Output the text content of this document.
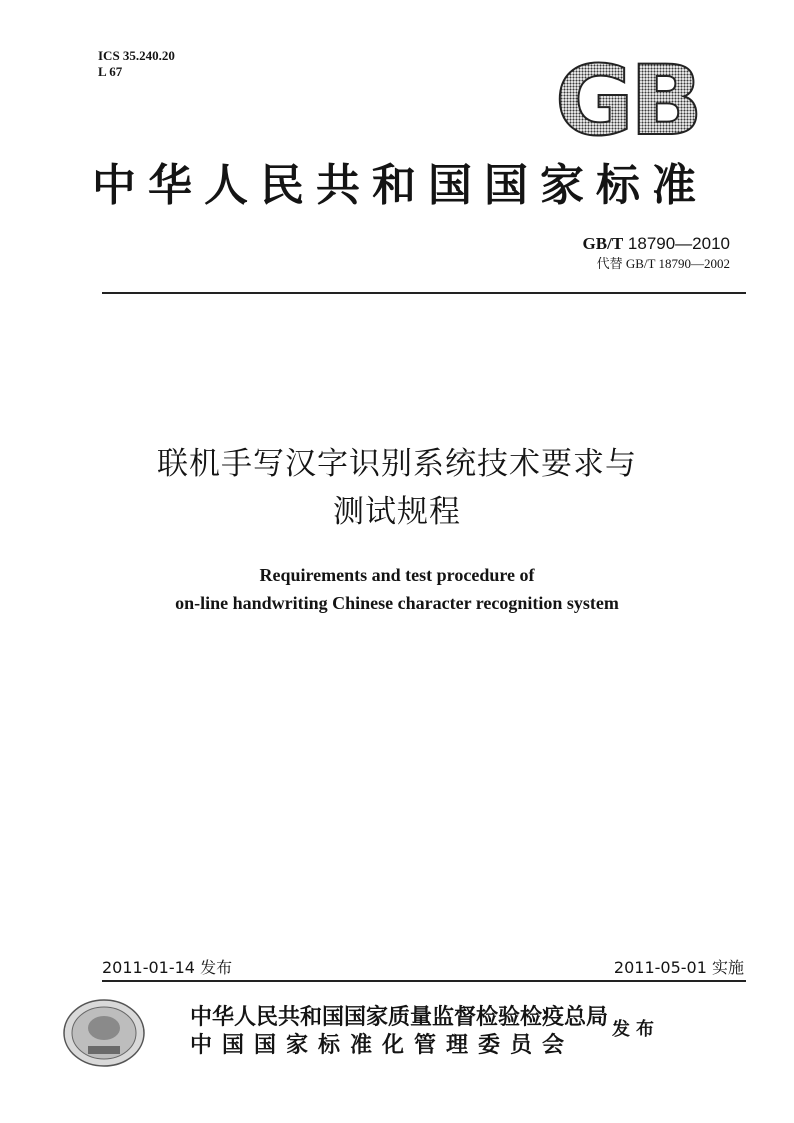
ICS 35.240.20
L 67	GB
中华人民共和国国家标准
GB/T 18790—2010
代替 GB/T 18790—2002
联机手写汉字识别系统技术要求与
测试规程
Requirements and test procedure of
on-line handwriting Chinese character recognition system
2011-01-14 发布	2011-05-01 实施
中华人民共和国国家质量监督检验检疫总局
中国国家标准化管理委员会
发布
